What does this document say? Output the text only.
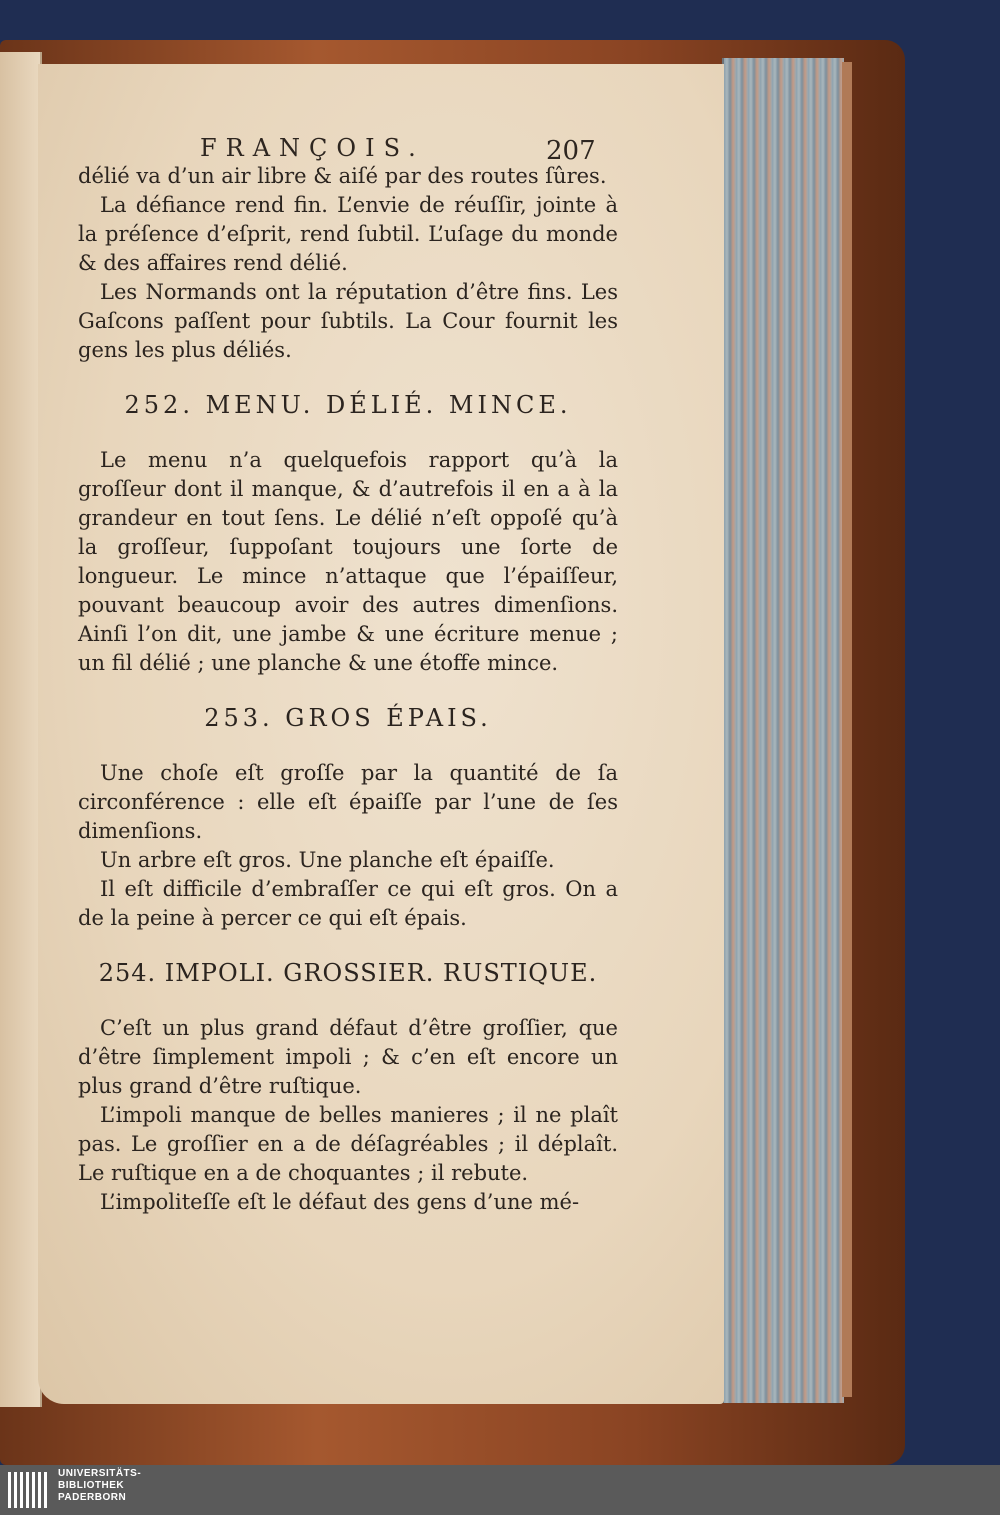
FRANÇOIS.	207

délié va d’un air libre & aiſé par des routes ſûres.

La défiance rend fin. L’envie de réuſſir, jointe à la préſence d’eſprit, rend ſubtil. L’uſage du monde & des affaires rend délié.

Les Normands ont la réputation d’être fins. Les Gaſcons paſſent pour ſubtils. La Cour fournit les gens les plus déliés.

252. MENU. DÉLIÉ. MINCE.

Le menu n’a quelquefois rapport qu’à la groſſeur dont il manque, & d’autrefois il en a à la grandeur en tout ſens. Le délié n’eſt oppoſé qu’à la groſſeur, ſuppoſant toujours une ſorte de longueur. Le mince n’attaque que l’épaiſſeur, pouvant beaucoup avoir des autres dimenſions. Ainſi l’on dit, une jambe & une écriture menue ; un fil délié ; une planche & une étoffe mince.

253. GROS ÉPAIS.

Une choſe eſt groſſe par la quantité de ſa circonférence : elle eſt épaiſſe par l’une de ſes dimenſions.

Un arbre eſt gros. Une planche eſt épaiſſe.

Il eſt difficile d’embraſſer ce qui eſt gros. On a de la peine à percer ce qui eſt épais.

254. IMPOLI. GROSSIER. RUSTIQUE.

C’eſt un plus grand défaut d’être groſſier, que d’être ſimplement impoli ; & c’en eſt encore un plus grand d’être ruſtique.

L’impoli manque de belles manieres ; il ne plaît pas. Le groſſier en a de déſagréables ; il déplaît. Le ruſtique en a de choquantes ; il rebute.

L’impoliteſſe eſt le défaut des gens d’une mé-

UNIVERSITÄTS-
BIBLIOTHEK
PADERBORN
